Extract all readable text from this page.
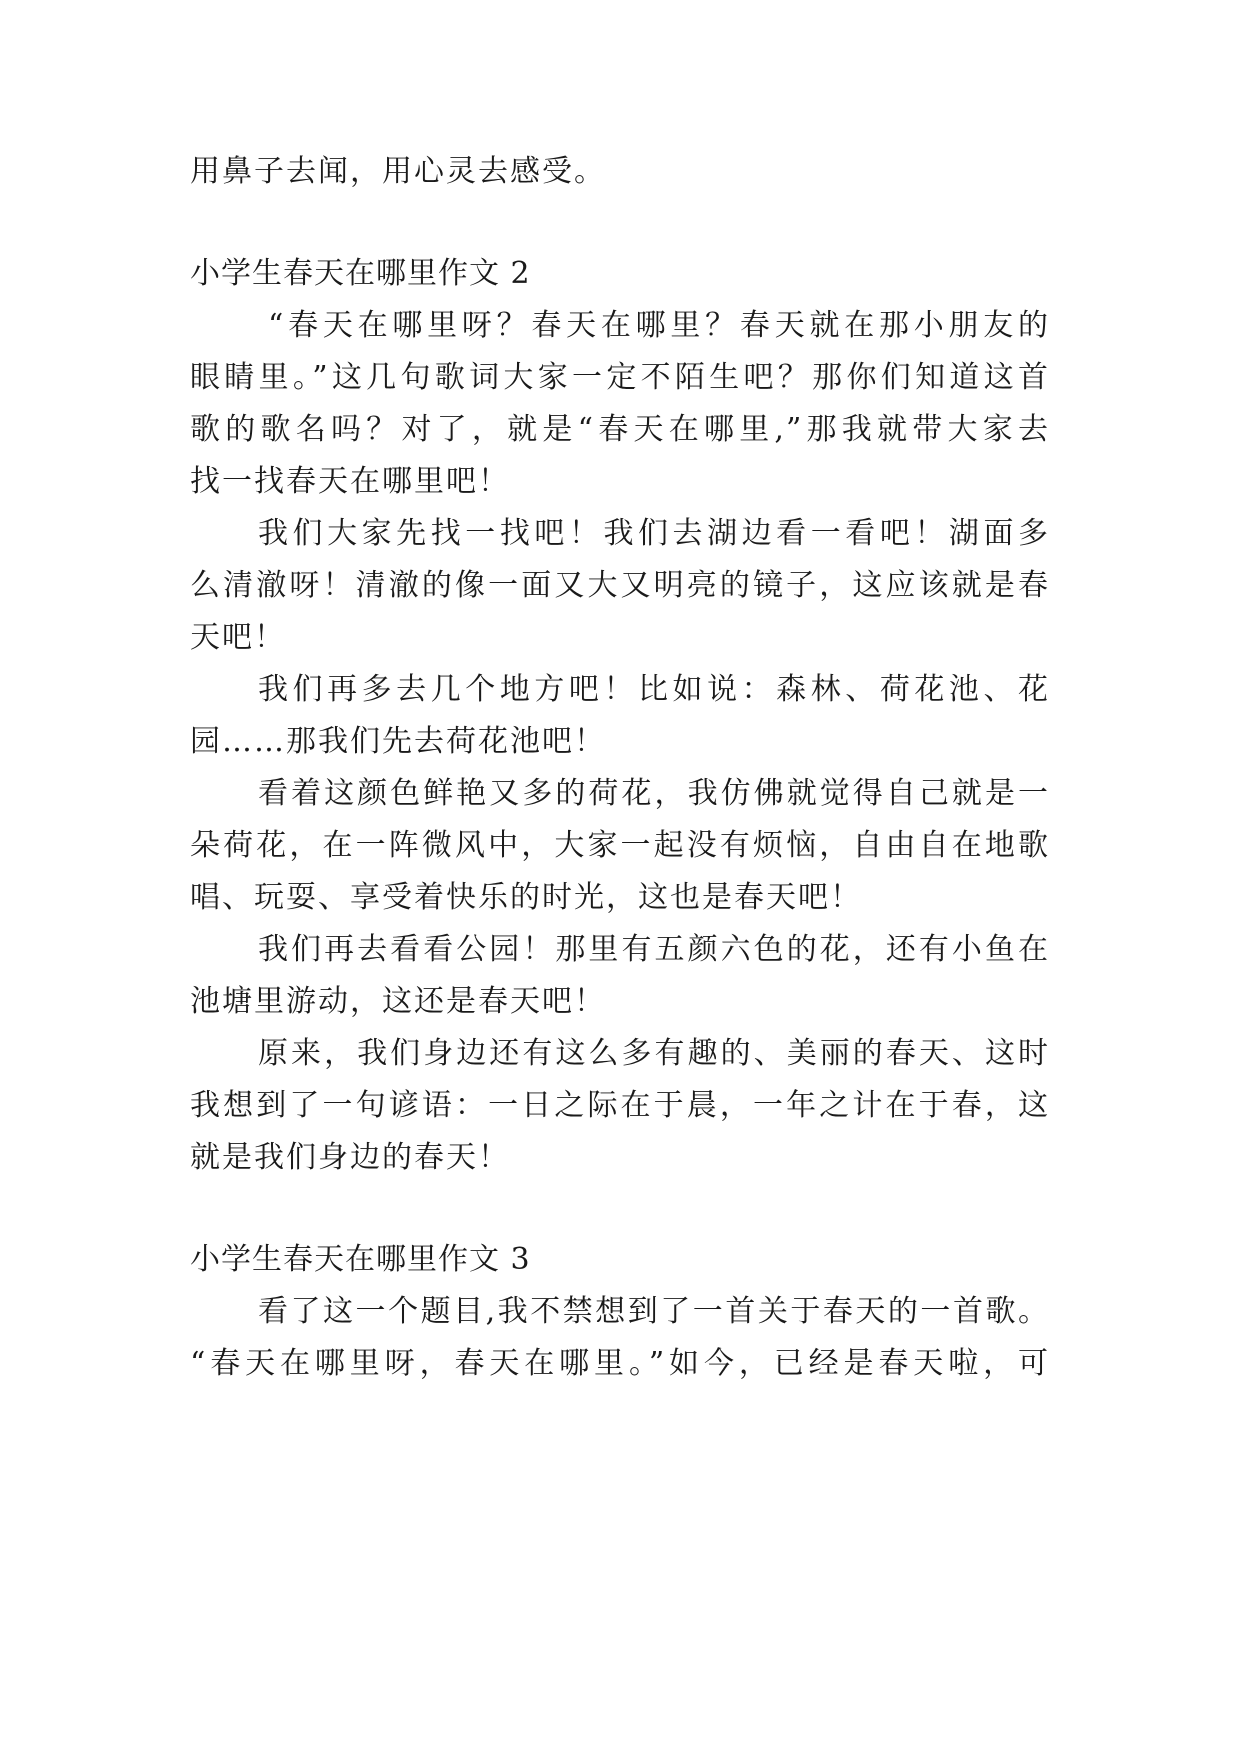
用鼻子去闻，用心灵去感受。
小学生春天在哪里作文 2
“春天在哪里呀？春天在哪里？春天就在那小朋友的
眼睛里。”这几句歌词大家一定不陌生吧？那你们知道这首
歌的歌名吗？对了，就是“春天在哪里,”那我就带大家去
找一找春天在哪里吧！
我们大家先找一找吧！我们去湖边看一看吧！湖面多
么清澈呀！清澈的像一面又大又明亮的镜子，这应该就是春
天吧！
我们再多去几个地方吧！比如说：森林、荷花池、花
园……那我们先去荷花池吧！
看着这颜色鲜艳又多的荷花，我仿佛就觉得自己就是一
朵荷花，在一阵微风中，大家一起没有烦恼，自由自在地歌
唱、玩耍、享受着快乐的时光，这也是春天吧！
我们再去看看公园！那里有五颜六色的花，还有小鱼在
池塘里游动，这还是春天吧！
原来，我们身边还有这么多有趣的、美丽的春天、这时
我想到了一句谚语：一日之际在于晨，一年之计在于春，这
就是我们身边的春天！
小学生春天在哪里作文 3
看了这一个题目,我不禁想到了一首关于春天的一首歌。
“春天在哪里呀，春天在哪里。”如今，已经是春天啦，可
